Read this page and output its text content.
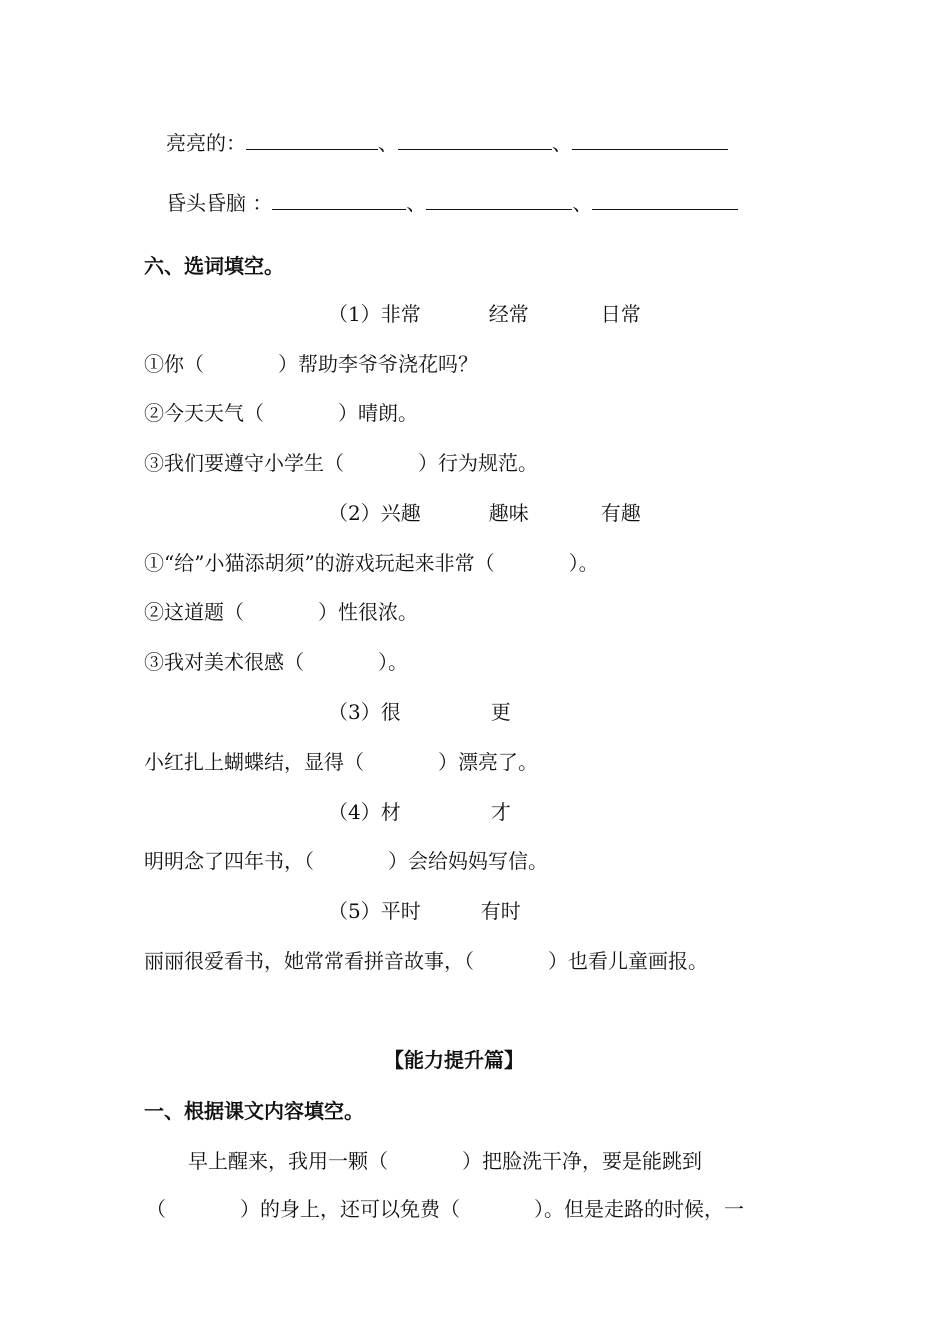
亮亮的：	、	、
昏头昏脑 ：	、	、
六、选词填空。
（1）非常	经常	日常
①你（	）帮助李爷爷浇花吗？
②今天天气（	）晴朗。
③我们要遵守小学生（	）行为规范。
（2）兴趣	趣味	有趣
①“给”小猫添胡须”的游戏玩起来非常（	）。
②这道题（	）性很浓。
③我对美术很感（	）。
（3）很	更
小红扎上蝴蝶结，显得（	）漂亮了。
（4）材	才
明明念了四年书，（	）会给妈妈写信。
（5）平时	有时
丽丽很爱看书，她常常看拼音故事，（	）也看儿童画报。
【能力提升篇】
一、根据课文内容填空。
早上醒来，我用一颗（	）把脸洗干净，要是能跳到
（	）的身上，还可以免费（	）。但是走路的时候，一
